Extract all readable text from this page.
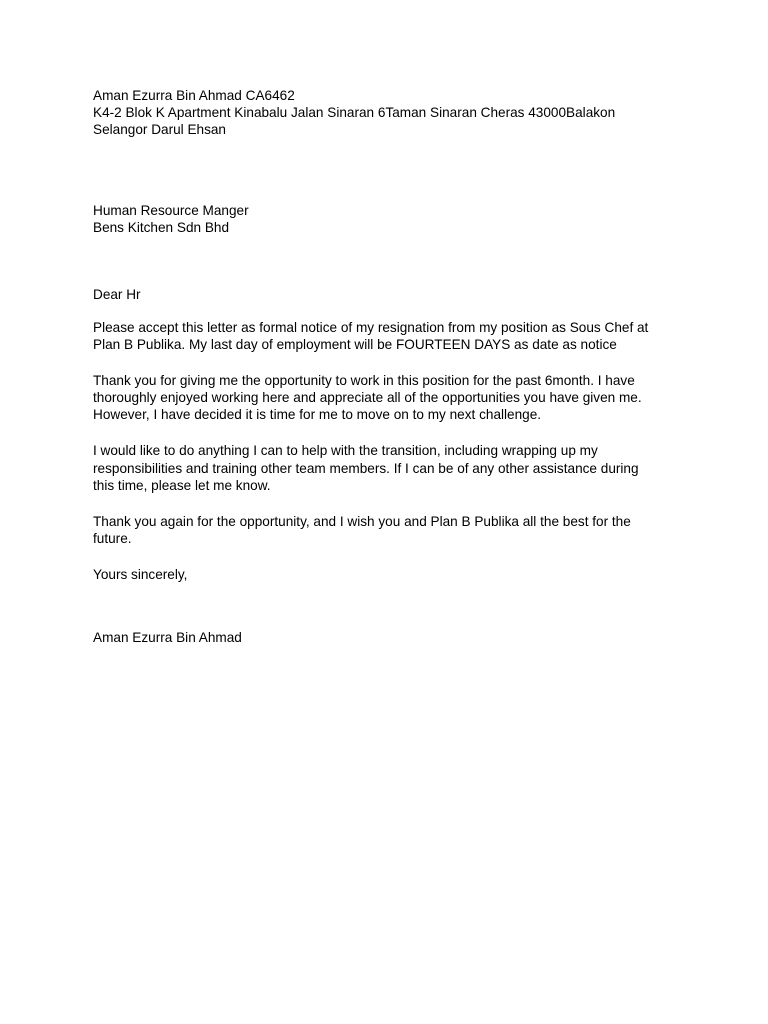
Aman Ezurra Bin Ahmad CA6462

K4-2 Blok K Apartment Kinabalu Jalan Sinaran 6Taman Sinaran Cheras 43000Balakon

Selangor Darul Ehsan

Human Resource Manger

Bens Kitchen Sdn Bhd

Dear Hr

Please accept this letter as formal notice of my resignation from my position as Sous Chef at

Plan B Publika. My last day of employment will be FOURTEEN DAYS as date as notice

Thank you for giving me the opportunity to work in this position for the past 6month. I have

thoroughly enjoyed working here and appreciate all of the opportunities you have given me.

However, I have decided it is time for me to move on to my next challenge.

I would like to do anything I can to help with the transition, including wrapping up my

responsibilities and training other team members. If I can be of any other assistance during

this time, please let me know.

Thank you again for the opportunity, and I wish you and Plan B Publika all the best for the

future.

Yours sincerely,

Aman Ezurra Bin Ahmad
